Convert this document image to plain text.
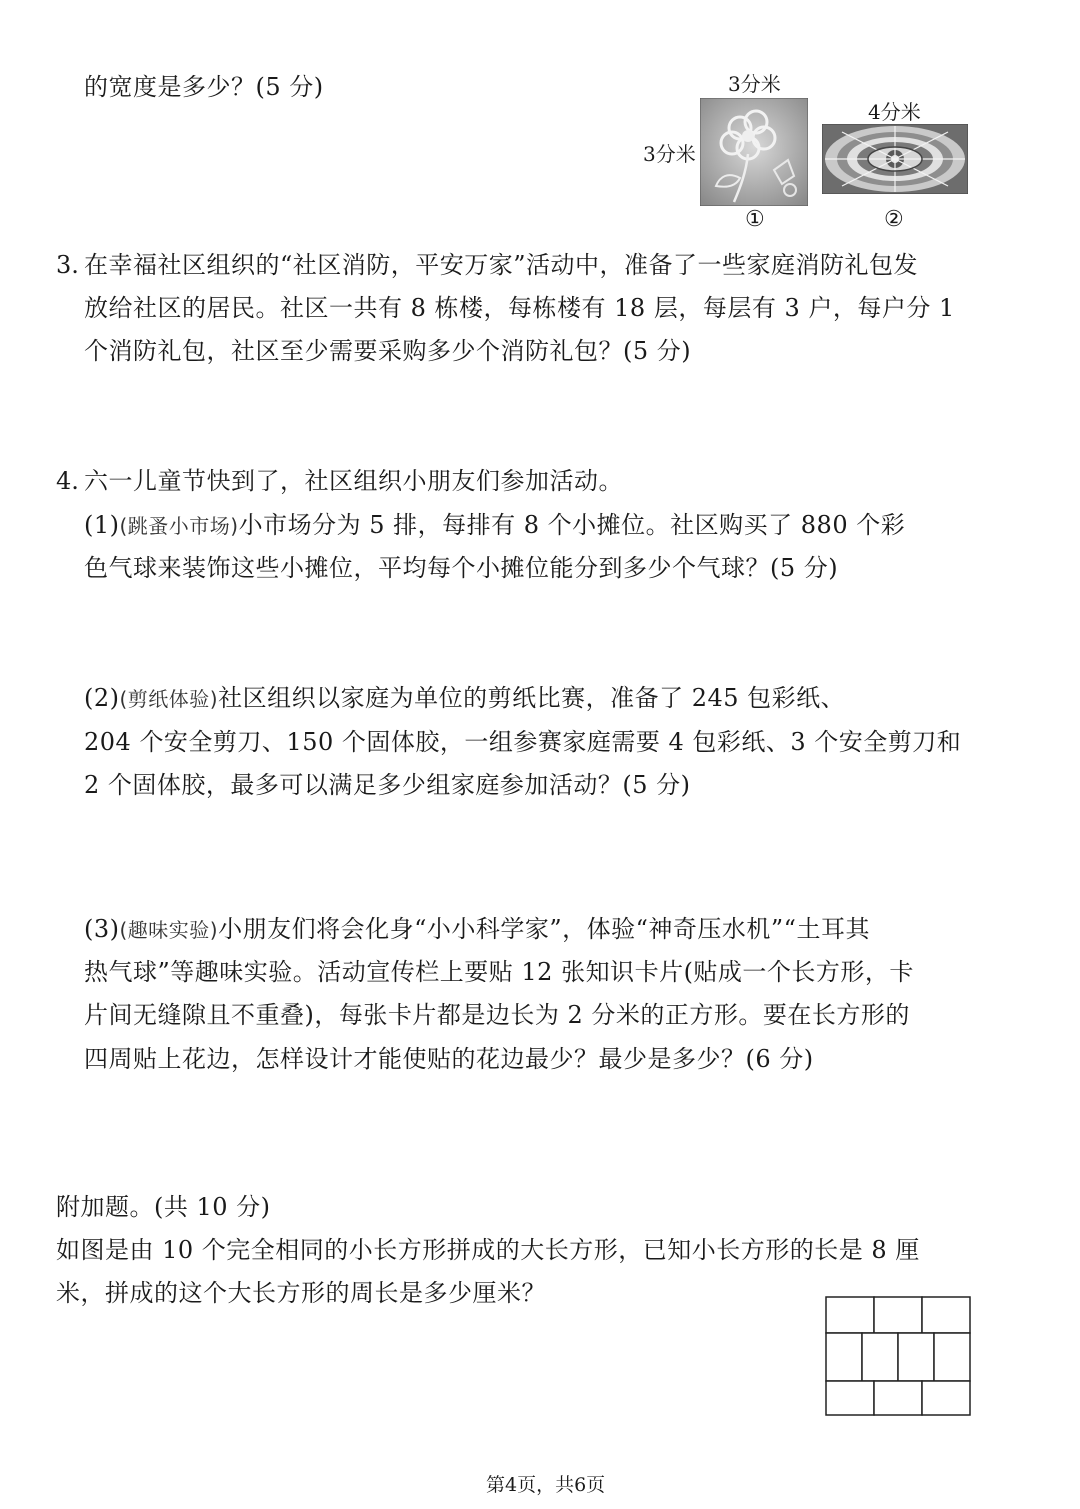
的宽度是多少？(5 分)	3分米
3分米
①
4分米
②
3. 在幸福社区组织的“社区消防，平安万家”活动中，准备了一些家庭消防礼包发
放给社区的居民。社区一共有 8 栋楼，每栋楼有 18 层，每层有 3 户，每户分 1
个消防礼包，社区至少需要采购多少个消防礼包？(5 分)
4. 六一儿童节快到了，社区组织小朋友们参加活动。
(1)(跳蚤小市场)小市场分为 5 排，每排有 8 个小摊位。社区购买了 880 个彩
色气球来装饰这些小摊位，平均每个小摊位能分到多少个气球？(5 分)
(2)(剪纸体验)社区组织以家庭为单位的剪纸比赛，准备了 245 包彩纸、
204 个安全剪刀、150 个固体胶，一组参赛家庭需要 4 包彩纸、3 个安全剪刀和
2 个固体胶，最多可以满足多少组家庭参加活动？(5 分)
(3)(趣味实验)小朋友们将会化身“小小科学家”，体验“神奇压水机”“土耳其
热气球”等趣味实验。活动宣传栏上要贴 12 张知识卡片(贴成一个长方形，卡
片间无缝隙且不重叠)，每张卡片都是边长为 2 分米的正方形。要在长方形的
四周贴上花边，怎样设计才能使贴的花边最少？最少是多少？(6 分)
附加题。(共 10 分)
如图是由 10 个完全相同的小长方形拼成的大长方形，已知小长方形的长是 8 厘
米，拼成的这个大长方形的周长是多少厘米？
第4页，共6页
